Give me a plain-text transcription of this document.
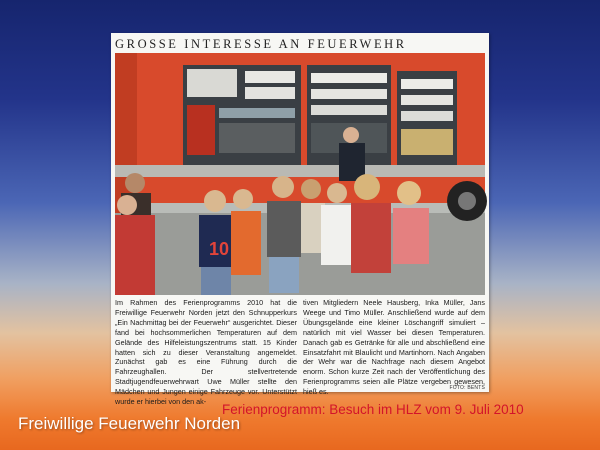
GROSSE INTERESSE AN FEUERWEHR
10
Im Rahmen des Ferienprogramms 2010 hat die Freiwillige Feuerwehr Norden jetzt den Schnupperkurs „Ein Nachmittag bei der Feuerwehr“ ausgerichtet. Dieser fand bei hochsommerlichen Temperaturen auf dem Gelände des Hilfeleistungszentrums statt. 15 Kinder hatten sich zu dieser Veranstaltung angemeldet. Zunächst gab es eine Führung durch die Fahrzeughallen. Der stellvertretende Stadtjugendfeuerwehrwart Uwe Müller stellte den Mädchen und Jungen einige Fahrzeuge vor. Unterstützt wurde er hierbei von den ak-
tiven Mitgliedern Neele Hausberg, Inka Müller, Jans Weege und Timo Müller. Anschließend wurde auf dem Übungsgelände eine kleiner Löschangriff simuliert – natürlich mit viel Wasser bei diesen Temperaturen. Danach gab es Getränke für alle und abschließend eine Einsatzfahrt mit Blaulicht und Martinhorn. Nach Angaben der Wehr war die Nachfrage nach diesem Angebot enorm. Schon kurze Zeit nach der Veröffentlichung des Ferienprogramms seien alle Plätze vergeben gewesen, hieß es.	FOTO: BENTS
Ferienprogramm: Besuch im HLZ vom 9. Juli 2010
Freiwillige Feuerwehr Norden
